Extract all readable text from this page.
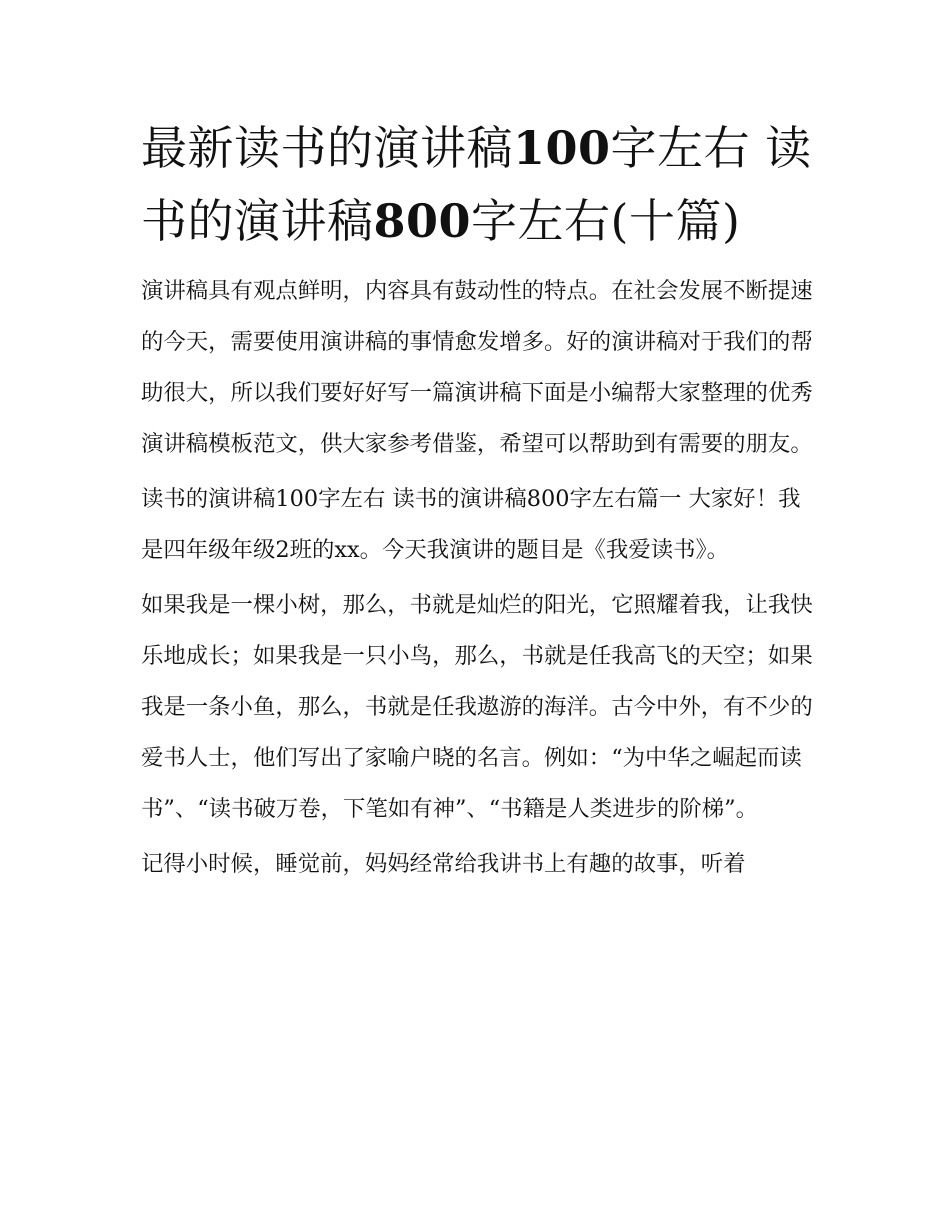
最新读书的演讲稿100字左右 读书的演讲稿800字左右(十篇)

演讲稿具有观点鲜明，内容具有鼓动性的特点。在社会发展不断提速的今天，需要使用演讲稿的事情愈发增多。好的演讲稿对于我们的帮助很大，所以我们要好好写一篇演讲稿下面是小编帮大家整理的优秀演讲稿模板范文，供大家参考借鉴，希望可以帮助到有需要的朋友。

读书的演讲稿100字左右 读书的演讲稿800字左右篇一 大家好！我是四年级年级2班的xx。今天我演讲的题目是《我爱读书》。

如果我是一棵小树，那么，书就是灿烂的阳光，它照耀着我，让我快乐地成长；如果我是一只小鸟，那么，书就是任我高飞的天空；如果我是一条小鱼，那么，书就是任我遨游的海洋。古今中外，有不少的爱书人士，他们写出了家喻户晓的名言。例如：“为中华之崛起而读书”、“读书破万卷，下笔如有神”、“书籍是人类进步的阶梯”。

记得小时候，睡觉前，妈妈经常给我讲书上有趣的故事，听着
